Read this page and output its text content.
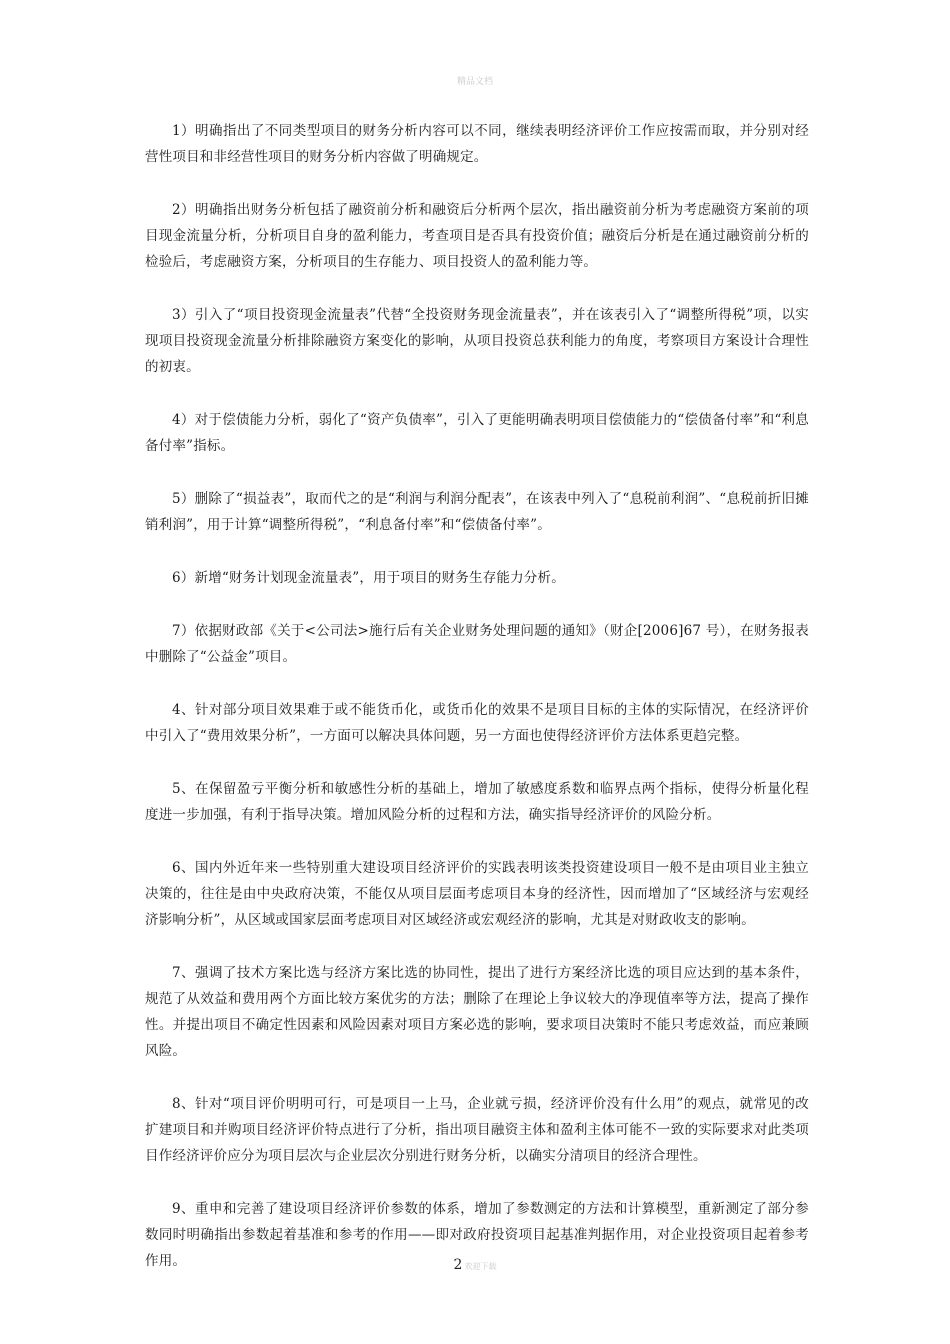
精品文档

1）明确指出了不同类型项目的财务分析内容可以不同，继续表明经济评价工作应按需而取，并分别对经营性项目和非经营性项目的财务分析内容做了明确规定。

2）明确指出财务分析包括了融资前分析和融资后分析两个层次，指出融资前分析为考虑融资方案前的项目现金流量分析，分析项目自身的盈利能力，考查项目是否具有投资价值；融资后分析是在通过融资前分析的检验后，考虑融资方案，分析项目的生存能力、项目投资人的盈利能力等。

3）引入了“项目投资现金流量表”代替“全投资财务现金流量表”，并在该表引入了“调整所得税”项，以实现项目投资现金流量分析排除融资方案变化的影响，从项目投资总获利能力的角度，考察项目方案设计合理性的初衷。

4）对于偿债能力分析，弱化了“资产负债率”，引入了更能明确表明项目偿债能力的“偿债备付率”和“利息备付率”指标。

5）删除了“损益表”，取而代之的是“利润与利润分配表”，在该表中列入了“息税前利润”、“息税前折旧摊销利润”，用于计算“调整所得税”，“利息备付率”和“偿债备付率”。

6）新增“财务计划现金流量表”，用于项目的财务生存能力分析。

7）依据财政部《关于<公司法>施行后有关企业财务处理问题的通知》（财企[2006]67 号），在财务报表中删除了“公益金”项目。

4、针对部分项目效果难于或不能货币化，或货币化的效果不是项目目标的主体的实际情况，在经济评价中引入了“费用效果分析”，一方面可以解决具体问题，另一方面也使得经济评价方法体系更趋完整。

5、在保留盈亏平衡分析和敏感性分析的基础上，增加了敏感度系数和临界点两个指标，使得分析量化程度进一步加强，有利于指导决策。增加风险分析的过程和方法，确实指导经济评价的风险分析。

6、国内外近年来一些特别重大建设项目经济评价的实践表明该类投资建设项目一般不是由项目业主独立决策的，往往是由中央政府决策，不能仅从项目层面考虑项目本身的经济性，因而增加了“区域经济与宏观经济影响分析”，从区域或国家层面考虑项目对区域经济或宏观经济的影响，尤其是对财政收支的影响。

7、强调了技术方案比选与经济方案比选的协同性，提出了进行方案经济比选的项目应达到的基本条件，规范了从效益和费用两个方面比较方案优劣的方法；删除了在理论上争议较大的净现值率等方法，提高了操作性。并提出项目不确定性因素和风险因素对项目方案必选的影响，要求项目决策时不能只考虑效益，而应兼顾风险。

8、针对“项目评价明明可行，可是项目一上马，企业就亏损，经济评价没有什么用”的观点，就常见的改扩建项目和并购项目经济评价特点进行了分析，指出项目融资主体和盈利主体可能不一致的实际要求对此类项目作经济评价应分为项目层次与企业层次分别进行财务分析，以确实分清项目的经济合理性。

9、重申和完善了建设项目经济评价参数的体系，增加了参数测定的方法和计算模型，重新测定了部分参数同时明确指出参数起着基准和参考的作用——即对政府投资项目起基准判据作用，对企业投资项目起着参考作用。	2 欢迎下载
